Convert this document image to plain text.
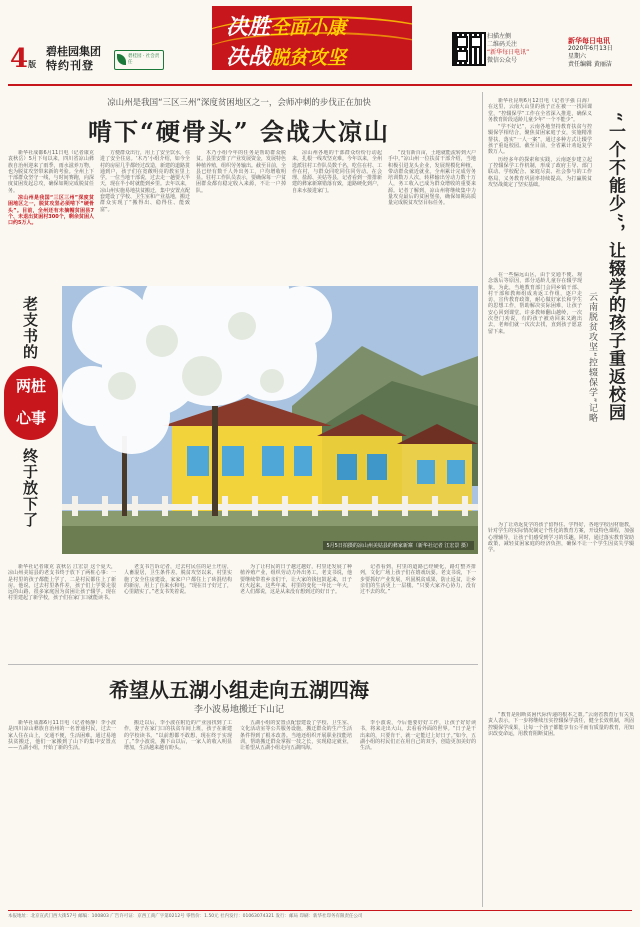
4版
碧桂园集团
特约刊登
碧桂园 · 社会责任
决胜全面小康
决战脱贫攻坚
扫描左侧
二维码关注
“新华每日电讯”
微信公众号
新华每日电讯
2020年6月13日
星期六
责任编辑 黄丽洁
凉山州是我国“三区三州”深度贫困地区之一，会师冲刺的步伐正在加快
啃下“硬骨头” 会战大凉山

新华社成都6月11日电（记者康克 袁秋岳）5月下旬以来，四川省凉山彝族自治州迎来了雨季，雨水滋养万物，也为脱贫攻坚带来新的考验。全州上下干部群众坚守一线，与时间赛跑，向深度贫困发起总攻，确保如期完成脱贫任务。

凉山州是我国“三区三州”深度贫困地区之一，脱贫攻坚必须啃下“硬骨头”。目前，全州还有未摘帽贫困县7个、未退出贫困村300个，剩余贫困人口约5万人。

方便群众出行，用上了安全饮水，住进了安全住房。‘木乃’小组介绍，如今全村的房屋几乎都经过改造，新建的道路贯通到户，孩子们在宽敞明亮的教室里上学。一位当地干部说，过去走一趟要大半天，现在半小时就能到乡里。去年以来，凉山州实施易地扶贫搬迁，集中安置点配套建设了学校、卫生室和产业基地，搬迁群众实现了“搬得出、稳得住、能致富”。

木乃小组今年的任务是帮助群众脱贫。县里安排了产业发展资金，发展特色种植养殖，组织劳务输出。截至目前，全县已经有数千人外出务工，户均增收明显。驻村工作队员表示，要确保每一户贫困群众都有稳定收入来源，不让一户掉队。

凉山州各地的干部群众纷纷行动起来，扎根一线攻坚克难。今年以来，全州选派驻村工作队员数千名，吃住在村、工作在村，与群众同吃同住同劳动。在会理、盐源、美姑等县，记者看到一排排新建的彝家新寨错落有致，道路硬化到户，自来水接进家门。

“没有新百亩，土地就能流转到大户手中。”凉山州一位扶贫干部介绍，当地积极引进龙头企业，发展规模化种植，带动群众就近就业。全州累计完成劳务培训数万人次，转移输出劳动力数十万人，务工收入已成为群众增收的重要来源。记者了解到，凉山州将继续集中力量攻克最后的贫困堡垒，确保如期高质量完成脱贫攻坚目标任务。

5月5日拍摄的凉山州美姑县的彝家新寨（新华社记者 江宏景 摄）
老支书的
两桩
心事
终于放下了

新华社记者康克 袁秋岳 江宏景 这个夏天，凉山州美姑县的老支书终于放下了两桩心事：一是村里的孩子都能上学了，二是村民都住上了新房。他说，过去村里条件差，孩子们上学要走很远的山路，很多家庭因为贫困让孩子辍学。现在村里建起了新学校，孩子们在家门口就能读书。

老支书告诉记者，过去村民住的是土坯房，人畜混居，卫生条件差。脱贫攻坚以来，村里实施了安全住房建设，家家户户都住上了砖混结构的新房，用上了自来水和电。“现在日子好过了，心里踏实了。”老支书笑着说。

为了让村民的日子越过越好，村里还发展了种植养殖产业，组织劳动力外出务工。老支书说，他要继续带着乡亲们干，让大家的钱包鼓起来，日子红火起来。这些年来，村里的变化一年比一年大，老人们都说，这是从来没有想到过的好日子。

记者看到，村里的道路已经硬化，路灯整齐排列，文化广场上孩子们在嬉戏玩耍。老支书说，下一步要抓好产业发展，巩固脱贫成果，防止返贫，让乡亲们的生活更上一层楼。“只要大家齐心协力，没有过不去的坎。”

希望从五湖小组走向五湖四海
李小波易地搬迁下山记

新华社成都6月11日电（记者杨静）李小波是四川凉山彝族自治州的一名普通村民，过去一家人住在山上，交通不便，生活困难。通过易地扶贫搬迁，他们一家搬到了山下的集中安置点——五湖小组，开始了新的生活。

搬迁以后，李小波在附近的产业园找到了工作，妻子在家门口的扶贫车间上班，孩子在新建的学校读书。“以前想都不敢想，现在终于实现了。”李小波说，搬下山以后，一家人的收入明显增加，生活越来越有盼头。

五湖小组的安置点配套建设了学校、卫生室、文化活动室等公共服务设施，搬迁群众的生产生活条件得到了根本改善。当地还组织开展职业技能培训，帮助搬迁群众掌握一技之长，实现稳定就业，让希望从五湖小组走向五湖四海。

李小波说，今后他要好好工作，让孩子好好读书，将来走出大山，去看看外面的世界。“日子是干出来的，只要肯干，就一定能过上好日子。”如今，五湖小组的村民们正在用自己的双手，创造更加美好的生活。

新华社昆明6月12日电（记者字强 白海）在这里，云南大山里的孩子正在被一一找回课堂，“控辍保学”工作在全省深入推进，确保义务教育阶段适龄儿童少年“一个不能少”。

“学不好记”，云南各地坚持教育扶贫与控辍保学相结合，聚焦贫困家庭子女，实施精准帮扶，落实“一人一案”，通过多种方式让辍学孩子重返校园。截至目前，全省累计劝返复学数万人。

历经多年的探索和实践，云南逐步建立起了控辍保学工作机制，形成了政府主导、部门联动、学校配合、家庭尽责、社会参与的工作格局，义务教育巩固率持续提高，为打赢脱贫攻坚战奠定了坚实基础。	“一个不能少”，让辍学的孩子重返校园
云南脱贫攻坚“控辍保学”记略

在一些偏远山区，由于交通不便、观念落后等原因，部分适龄儿童存在辍学现象。为此，当地教育部门会同乡镇干部、村干部和教师组成劝返工作组，逐户走访，宣传教育政策，耐心做好家长和学生的思想工作，帮助解决实际困难，让孩子安心回到课堂。许多教师翻山越岭，一次次登门劝说，有的孩子被劝回来又跑出去，老师们就一次次去找，直到孩子愿意留下来。

为了让劝返复学的孩子留得住、学得好，各地学校因材施教，针对学生的实际情况制定个性化的教育方案，开设特色课程，加强心理辅导，让孩子们感受到学习的乐趣。同时，通过落实教育资助政策，减轻贫困家庭的经济负担，确保不让一个学生因贫失学辍学。

“教育是阻断贫困代际传递的根本之策。”云南省教育厅有关负责人表示，下一步将继续压实控辍保学责任，健全长效机制，巩固控辍保学成果，让每一个孩子都能享有公平而有质量的教育，用知识改变命运，用教育阻断贫困。

本报地址：北京宣武门西大街57号 邮编：100803 广告许可证：京西工商广字第0212号 零售价：1.50元 社内发行：01063074321 发行：邮局 印刷：新华社印务有限责任公司
